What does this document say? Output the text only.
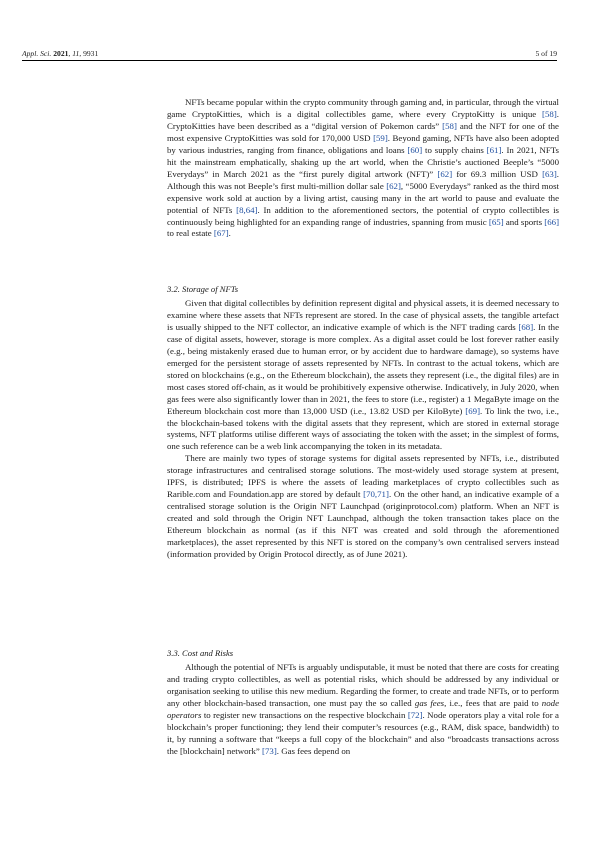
Appl. Sci. 2021, 11, 9931	5 of 19

NFTs became popular within the crypto community through gaming and, in particular, through the virtual game CryptoKitties, which is a digital collectibles game, where every CryptoKitty is unique [58]. CryptoKitties have been described as a “digital version of Pokemon cards” [58] and the NFT for one of the most expensive CryptoKitties was sold for 170,000 USD [59]. Beyond gaming, NFTs have also been adopted by various industries, ranging from finance, obligations and loans [60] to supply chains [61]. In 2021, NFTs hit the mainstream emphatically, shaking up the art world, when the Christie’s auctioned Beeple’s “5000 Everydays” in March 2021 as the “first purely digital artwork (NFT)” [62] for 69.3 million USD [63]. Although this was not Beeple’s first multi-million dollar sale [62], “5000 Everydays” ranked as the third most expensive work sold at auction by a living artist, causing many in the art world to pause and evaluate the potential of NFTs [8,64]. In addition to the aforementioned sectors, the potential of crypto collectibles is continuously being highlighted for an expanding range of industries, spanning from music [65] and sports [66] to real estate [67].

3.2. Storage of NFTs

Given that digital collectibles by definition represent digital and physical assets, it is deemed necessary to examine where these assets that NFTs represent are stored. In the case of physical assets, the tangible artefact is usually shipped to the NFT collector, an indicative example of which is the NFT trading cards [68]. In the case of digital assets, however, storage is more complex. As a digital asset could be lost forever rather easily (e.g., being mistakenly erased due to human error, or by accident due to hardware damage), so systems have emerged for the persistent storage of assets represented by NFTs. In contrast to the actual tokens, which are stored on blockchains (e.g., on the Ethereum blockchain), the assets they represent (i.e., the digital files) are in most cases stored off-chain, as it would be prohibitively expensive otherwise. Indicatively, in July 2020, when gas fees were also significantly lower than in 2021, the fees to store (i.e., register) a 1 MegaByte image on the Ethereum blockchain cost more than 13,000 USD (i.e., 13.82 USD per KiloByte) [69]. To link the two, i.e., the blockchain-based tokens with the digital assets that they represent, which are stored in external storage systems, NFT platforms utilise different ways of associating the token with the asset; in the simplest of forms, one such reference can be a web link accompanying the token in its metadata.

There are mainly two types of storage systems for digital assets represented by NFTs, i.e., distributed storage infrastructures and centralised storage solutions. The most-widely used storage system at present, IPFS, is distributed; IPFS is where the assets of leading marketplaces of crypto collectibles such as Rarible.com and Foundation.app are stored by default [70,71]. On the other hand, an indicative example of a centralised storage solution is the Origin NFT Launchpad (originprotocol.com) platform. When an NFT is created and sold through the Origin NFT Launchpad, although the token transaction takes place on the Ethereum blockchain as normal (as if this NFT was created and sold through the aforementioned marketplaces), the asset represented by this NFT is stored on the company’s own centralised servers instead (information provided by Origin Protocol directly, as of June 2021).

3.3. Cost and Risks

Although the potential of NFTs is arguably undisputable, it must be noted that there are costs for creating and trading crypto collectibles, as well as potential risks, which should be addressed by any individual or organisation seeking to utilise this new medium. Regarding the former, to create and trade NFTs, or to perform any other blockchain-based transaction, one must pay the so called gas fees, i.e., fees that are paid to node operators to register new transactions on the respective blockchain [72]. Node operators play a vital role for a blockchain’s proper functioning; they lend their computer’s resources (e.g., RAM, disk space, bandwidth) to it, by running a software that “keeps a full copy of the blockchain” and also “broadcasts transactions across the [blockchain] network” [73]. Gas fees depend on
